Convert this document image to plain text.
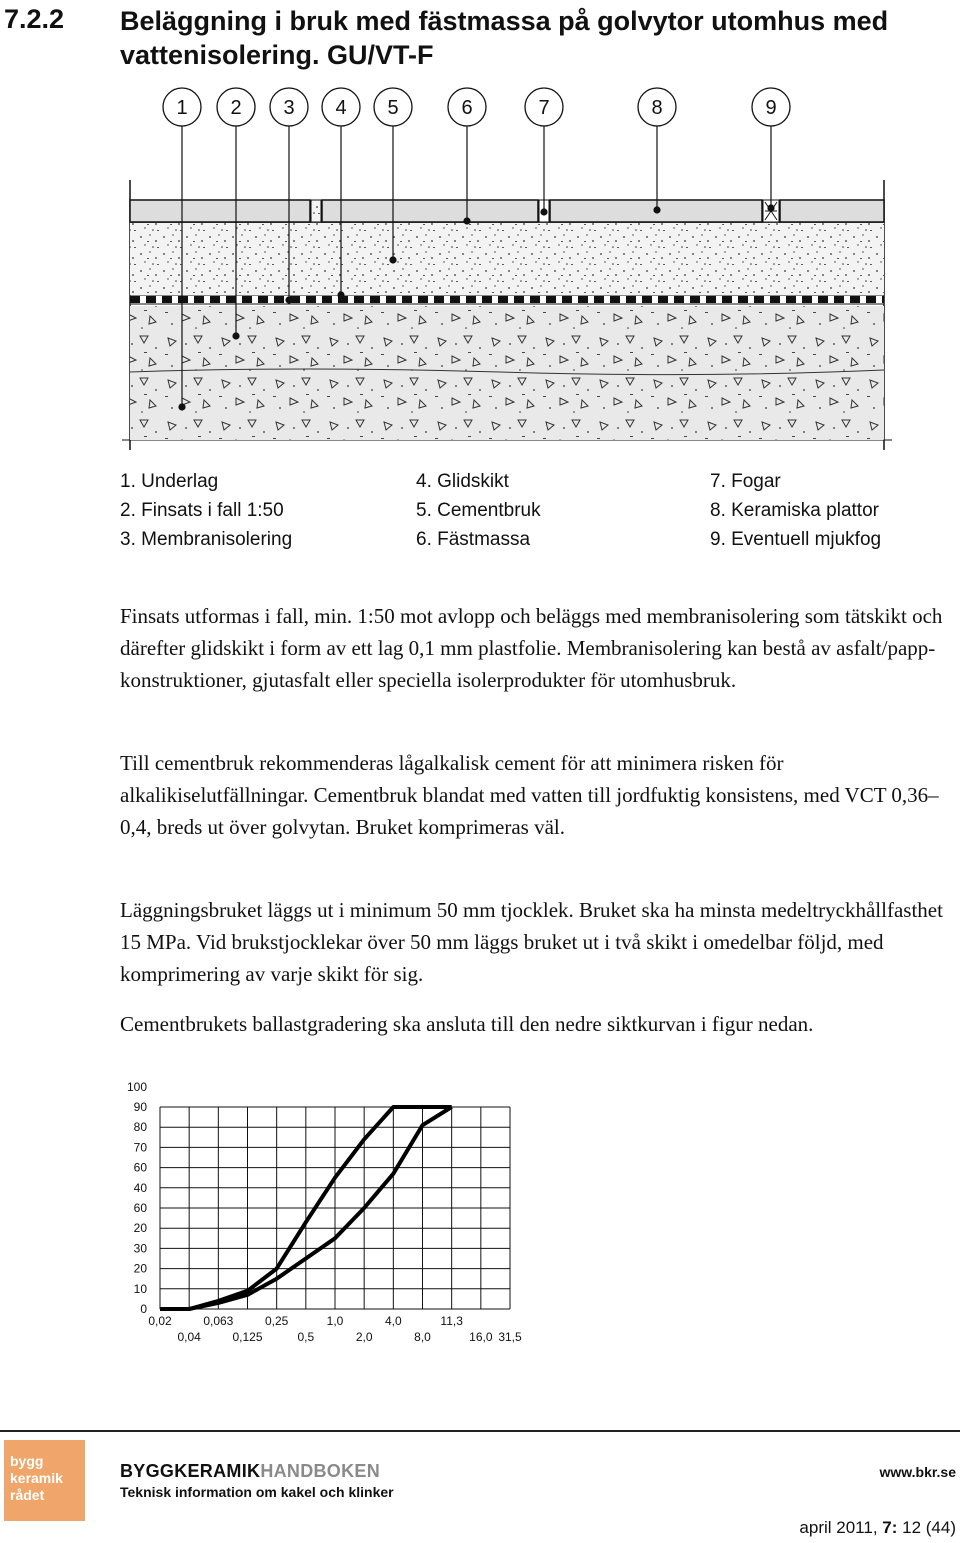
7.2.2 Beläggning i bruk med fästmassa på golvytor utomhus med vattenisolering. GU/VT-F
1 2 3 4 5	6	7	8	9
1. Underlag
2. Finsats i fall 1:50
3. Membranisolering
4. Glidskikt
5. Cementbruk
6. Fästmassa
7. Fogar
8. Keramiska plattor
9. Eventuell mjukfog

Finsats utformas i fall, min. 1:50 mot avlopp och beläggs med membranisolering som tätskikt och därefter glidskikt i form av ett lag 0,1 mm plastfolie. Membranisolering kan bestå av asfalt/papp-konstruktioner, gjutasfalt eller speciella isolerprodukter för utomhusbruk.

Till cementbruk rekommenderas lågalkalisk cement för att minimera risken för alkalikiselutfällningar. Cementbruk blandat med vatten till jordfuktig konsistens, med VCT 0,36–0,4, breds ut över golvytan. Bruket komprimeras väl.

Läggningsbruket läggs ut i minimum 50 mm tjocklek. Bruket ska ha minsta medeltryckhållfasthet 15 MPa. Vid brukstjocklekar över 50 mm läggs bruket ut i två skikt i omedelbar följd, med komprimering av varje skikt för sig.

Cementbrukets ballastgradering ska ansluta till den nedre siktkurvan i figur nedan.

0
10
20
30
20
60
40
60
70
80
90
100
0,02
0,04
0,063
0,125
0,25
0,5
1,0
2,0
4,0
8,0
11,3
16,0 31,5
bygg
keramik
rådet
BYGGKERAMIKHANDBOKEN
Teknisk information om kakel och klinker
www.bkr.se
april 2011, 7: 12 (44)
